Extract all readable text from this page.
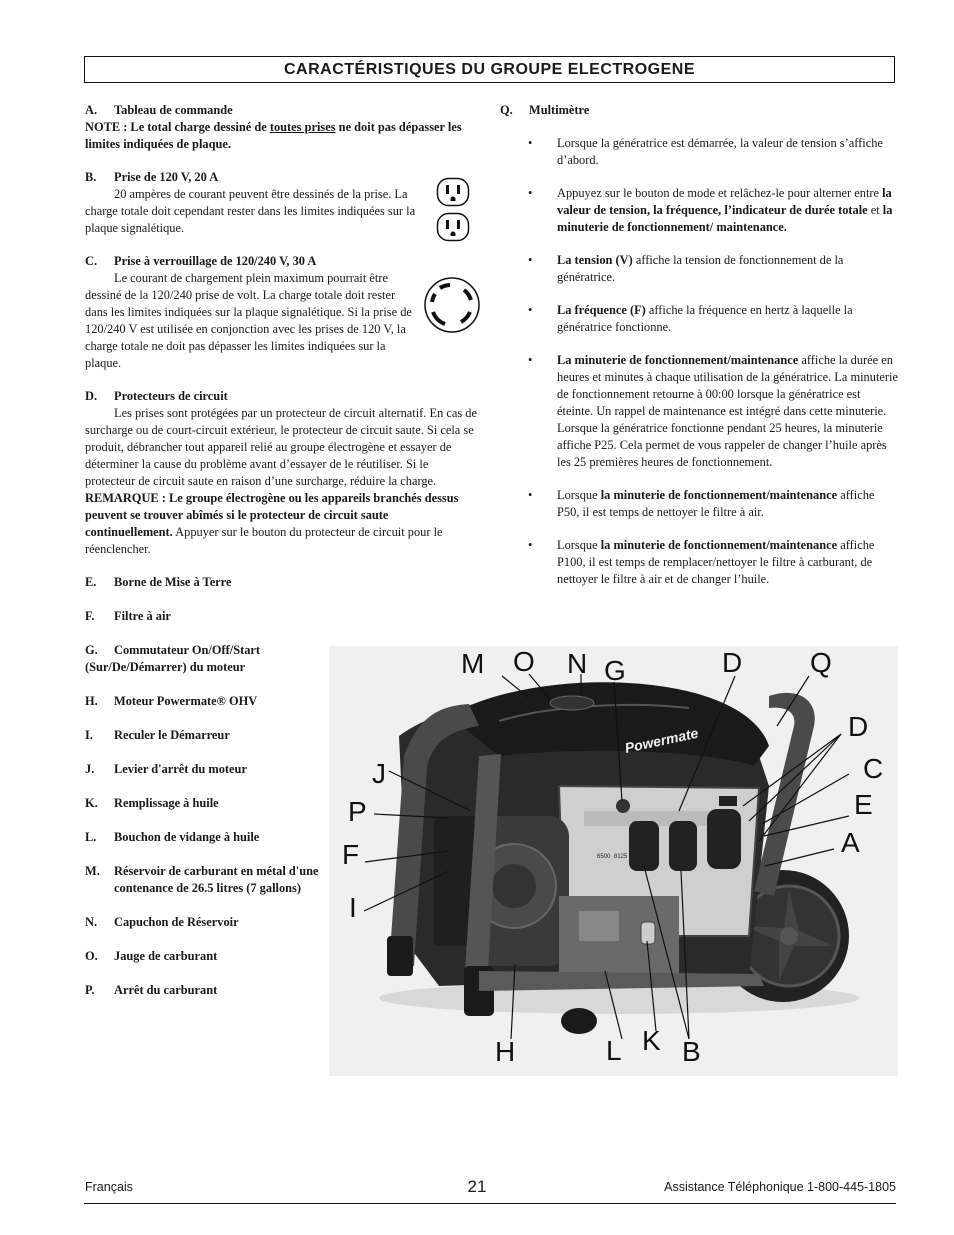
CARACTÉRISTIQUES DU GROUPE ELECTROGENE
A. Tableau de commande
NOTE : Le total charge dessiné de toutes prises ne doit pas dépasser les limites indiquées de plaque.
B. Prise de 120 V, 20 A
20 ampères de courant peuvent être dessinés de la prise. La charge totale doit cependant rester dans les limites indiquées sur la plaque signalétique.
C. Prise à verrouillage de 120/240 V, 30 A
Le courant de chargement plein maximum pourrait être dessiné de la 120/240 prise de volt. La charge totale doit rester dans les limites indiquées sur la plaque signalétique. Si la prise de 120/240 V est utilisée en conjonction avec les prises de 120 V, la charge totale ne doit pas dépasser les limites indiquées sur la plaque.
D. Protecteurs de circuit
Les prises sont protégées par un protecteur de circuit alternatif. En cas de surcharge ou de court-circuit extérieur, le protecteur de circuit saute. Si cela se produit, débrancher tout appareil relié au groupe électrogène et essayer de déterminer la cause du problème avant d’essayer de le réutiliser. Si le protecteur de circuit saute en raison d’une surcharge, réduire la charge. REMARQUE : Le groupe électrogène ou les appareils branchés dessus peuvent se trouver abîmés si le protecteur de circuit saute continuellement. Appuyer sur le bouton du protecteur de circuit pour le réenclencher.
E.	Borne de Mise à Terre
F.	Filtre à air
G.	Commutateur On/Off/Start (Sur/De/Démarrer) du moteur
H.	Moteur Powermate® OHV
I.	Reculer le Démarreur
J.	Levier d'arrêt du moteur
K.	Remplissage à huile
L.	Bouchon de vidange à huile
M.	Réservoir de carburant en métal d'une contenance de 26.5 litres (7 gallons)
N.	Capuchon de Réservoir
O.	Jauge de carburant
P.	Arrêt du carburant
Q. Multimètre
•	Lorsque la génératrice est démarrée, la valeur de tension s’affiche d’abord.
•	Appuyez sur le bouton de mode et relâchez-le pour alterner entre la valeur de tension, la fréquence, l’indicateur de durée totale et la minuterie de fonctionnement/ maintenance.
•	La tension (V) affiche la tension de fonctionnement de la génératrice.
•	La fréquence (F) affiche la fréquence en hertz à laquelle la génératrice fonctionne.
•	La minuterie de fonctionnement/maintenance affiche la durée en heures et minutes à chaque utilisation de la génératrice. La minuterie de fonctionnement retourne à 00:00 lorsque la génératrice est éteinte. Un rappel de maintenance est intégré dans cette minuterie. Lorsque la génératrice fonctionne pendant 25 heures, la minuterie affiche P25. Cela permet de vous rappeler de changer l’huile après les 25 premières heures de fonctionnement.
•	Lorsque la minuterie de fonctionnement/maintenance affiche P50, il est temps de nettoyer le filtre à air.
•	Lorsque la minuterie de fonctionnement/maintenance affiche P100, il est temps de remplacer/nettoyer le filtre à carburant, de nettoyer le filtre à air et de changer l’huile.
6500 8125
Powermate
M O N G	D Q
D
J	C
P	E
F	A
I
H	L K B
Français	21	Assistance Téléphonique 1-800-445-1805
